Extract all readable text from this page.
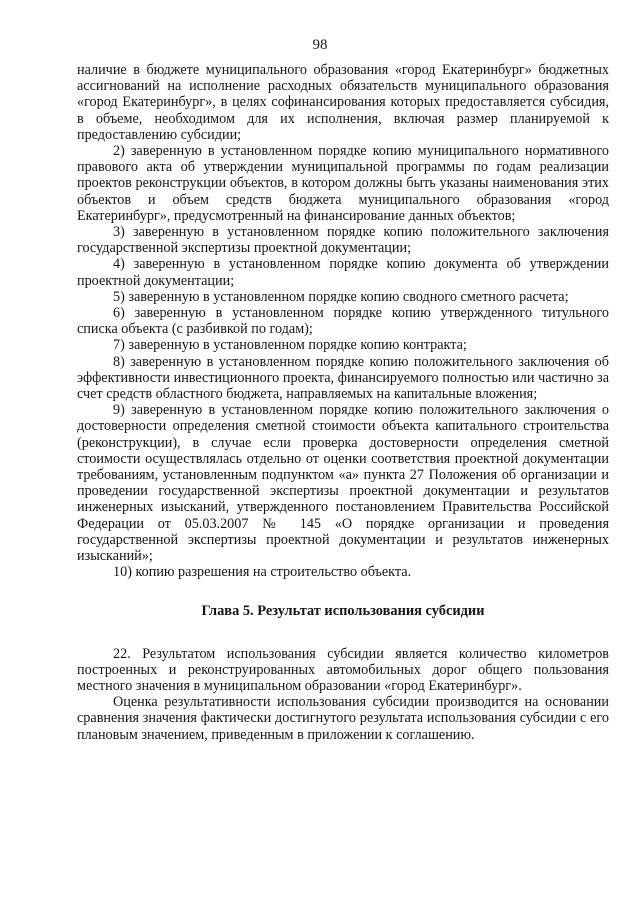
98

наличие в бюджете муниципального образования «город Екатеринбург» бюджетных ассигнований на исполнение расходных обязательств муниципального образования «город Екатеринбург», в целях софинансирования которых предоставляется субсидия, в объеме, необходимом для их исполнения, включая размер планируемой к предоставлению субсидии;

2) заверенную в установленном порядке копию муниципального нормативного правового акта об утверждении муниципальной программы по годам реализации проектов реконструкции объектов, в котором должны быть указаны наименования этих объектов и объем средств бюджета муниципального образования «город Екатеринбург», предусмотренный на финансирование данных объектов;

3) заверенную в установленном порядке копию положительного заключения государственной экспертизы проектной документации;

4) заверенную в установленном порядке копию документа об утверждении проектной документации;

5) заверенную в установленном порядке копию сводного сметного расчета;

6) заверенную в установленном порядке копию утвержденного титульного списка объекта (с разбивкой по годам);

7) заверенную в установленном порядке копию контракта;

8) заверенную в установленном порядке копию положительного заключения об эффективности инвестиционного проекта, финансируемого полностью или частично за счет средств областного бюджета, направляемых на капитальные вложения;

9) заверенную в установленном порядке копию положительного заключения о достоверности определения сметной стоимости объекта капитального строительства (реконструкции), в случае если проверка достоверности определения сметной стоимости осуществлялась отдельно от оценки соответствия проектной документации требованиям, установленным подпунктом «а» пункта 27 Положения об организации и проведении государственной экспертизы проектной документации и результатов инженерных изысканий, утвержденного постановлением Правительства Российской Федерации от 05.03.2007 № 145 «О порядке организации и проведения государственной экспертизы проектной документации и результатов инженерных изысканий»;

10) копию разрешения на строительство объекта.

Глава 5. Результат использования субсидии

22. Результатом использования субсидии является количество километров построенных и реконструированных автомобильных дорог общего пользования местного значения в муниципальном образовании «город Екатеринбург».

Оценка результативности использования субсидии производится на основании сравнения значения фактически достигнутого результата использования субсидии с его плановым значением, приведенным в приложении к соглашению.
